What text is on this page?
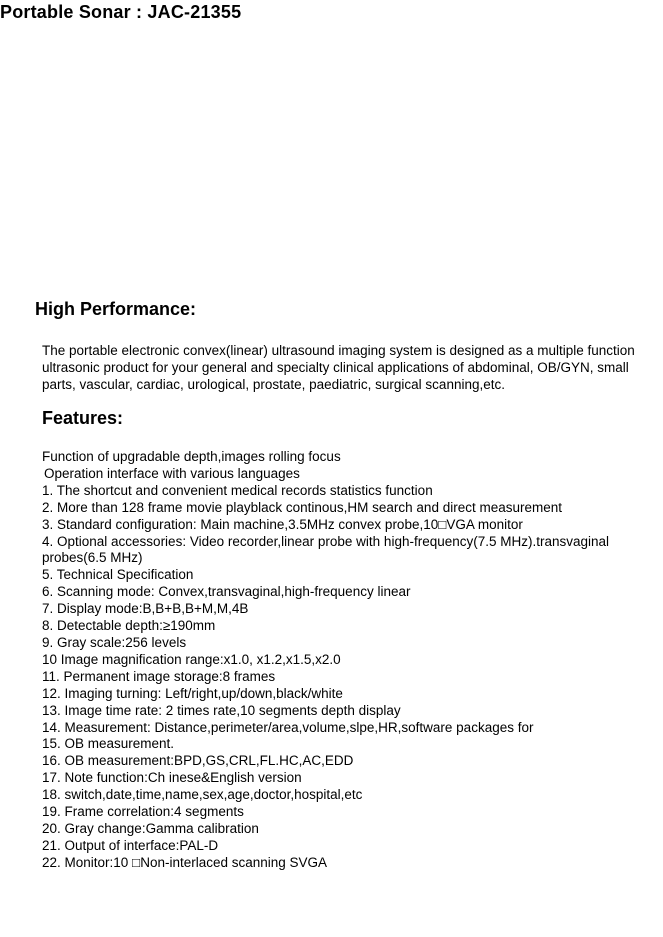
Portable Sonar : JAC-21355
High Performance:
The portable electronic convex(linear) ultrasound imaging system is designed as a multiple function ultrasonic product for your general and specialty clinical applications of abdominal, OB/GYN, small parts, vascular, cardiac, urological, prostate, paediatric, surgical scanning,etc.
Features:
Function of upgradable depth,images rolling focus
Operation interface with various languages
1. The shortcut and convenient medical records statistics function
2. More than 128 frame movie playblack continous,HM search and direct measurement
3. Standard configuration: Main machine,3.5MHz convex probe,10□VGA monitor
4. Optional accessories: Video recorder,linear probe with high-frequency(7.5 MHz).transvaginal probes(6.5 MHz)
5. Technical Specification
6. Scanning mode: Convex,transvaginal,high-frequency linear
7. Display mode:B,B+B,B+M,M,4B
8. Detectable depth:≥190mm
9. Gray scale:256 levels
10 Image magnification range:x1.0, x1.2,x1.5,x2.0
11. Permanent image storage:8 frames
12. Imaging turning: Left/right,up/down,black/white
13. Image time rate: 2 times rate,10 segments depth display
14. Measurement: Distance,perimeter/area,volume,slpe,HR,software packages for
15. OB measurement.
16. OB measurement:BPD,GS,CRL,FL.HC,AC,EDD
17. Note function:Ch inese&English version
18. switch,date,time,name,sex,age,doctor,hospital,etc
19. Frame correlation:4 segments
20. Gray change:Gamma calibration
21. Output of interface:PAL-D
22. Monitor:10 □Non-interlaced scanning SVGA
